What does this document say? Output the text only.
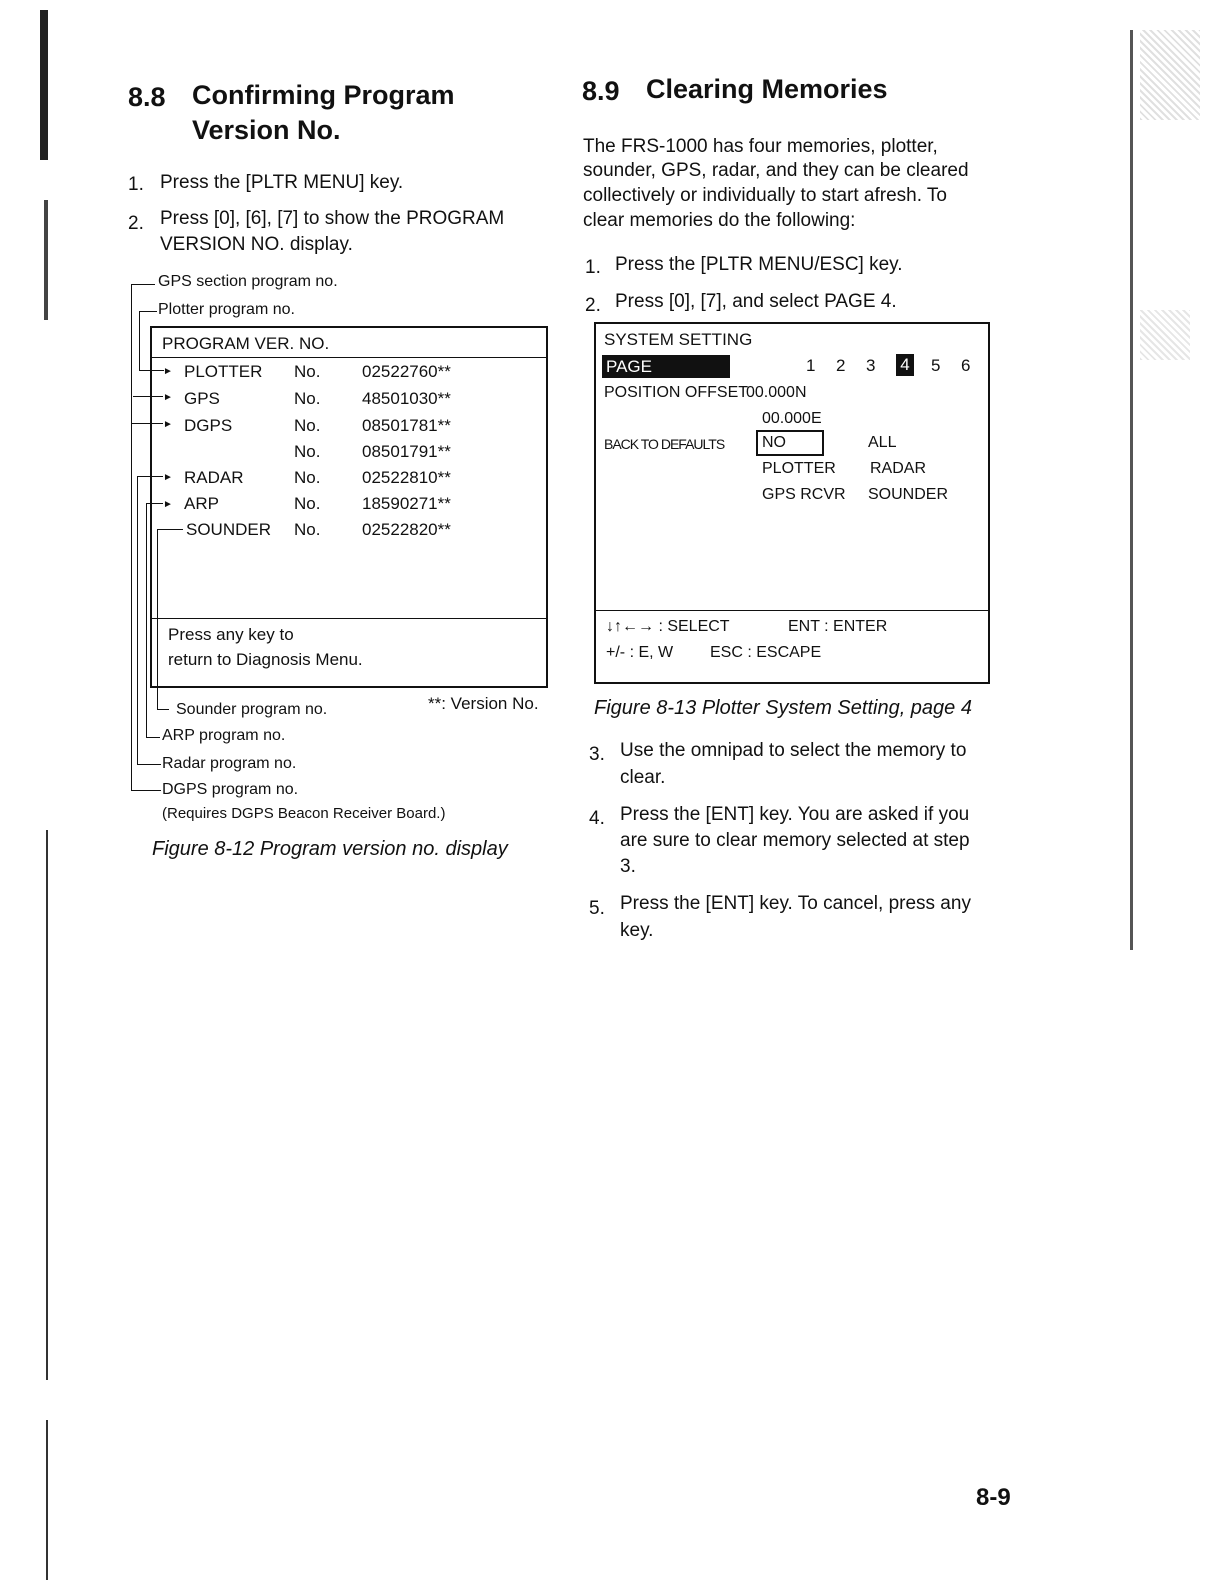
8.8 Confirming Program
Version No.
1. Press the [PLTR MENU] key.
2. Press [0], [6], [7] to show the PROGRAM
VERSION NO. display.
GPS section program no.
Plotter program no.
PROGRAM VER. NO.
PLOTTER No. 02522760**
GPS	No. 48501030**
DGPS	No. 08501781**
No. 08501791**
RADAR	No. 02522810**
ARP	No. 18590271**
SOUNDER No. 02522820**
Press any key to
return to Diagnosis Menu.
►
►
►
►
►
Sounder program no.	**: Version No.
ARP program no.
Radar program no.
DGPS program no.
(Requires DGPS Beacon Receiver Board.)
Figure 8-12 Program version no. display
8.9 Clearing Memories
The FRS-1000 has four memories, plotter,
sounder, GPS, radar, and they can be cleared
collectively or individually to start afresh. To
clear memories do the following:
1. Press the [PLTR MENU/ESC] key.
2. Press [0], [7], and select PAGE 4.
SYSTEM SETTING
PAGE	1 2 3 4 5 6
POSITION OFFSET
00.000N
00.000E
BACK TO DEFAULTS	NO	ALL
PLOTTER RADAR
GPS RCVR SOUNDER
↓↑←→ : SELECT	ENT : ENTER
+/- : E, W ESC : ESCAPE
Figure 8-13 Plotter System Setting, page 4
3. Use the omnipad to select the memory to
clear.
4. Press the [ENT] key. You are asked if you
are sure to clear memory selected at step
3.
5. Press the [ENT] key. To cancel, press any
key.
8-9
